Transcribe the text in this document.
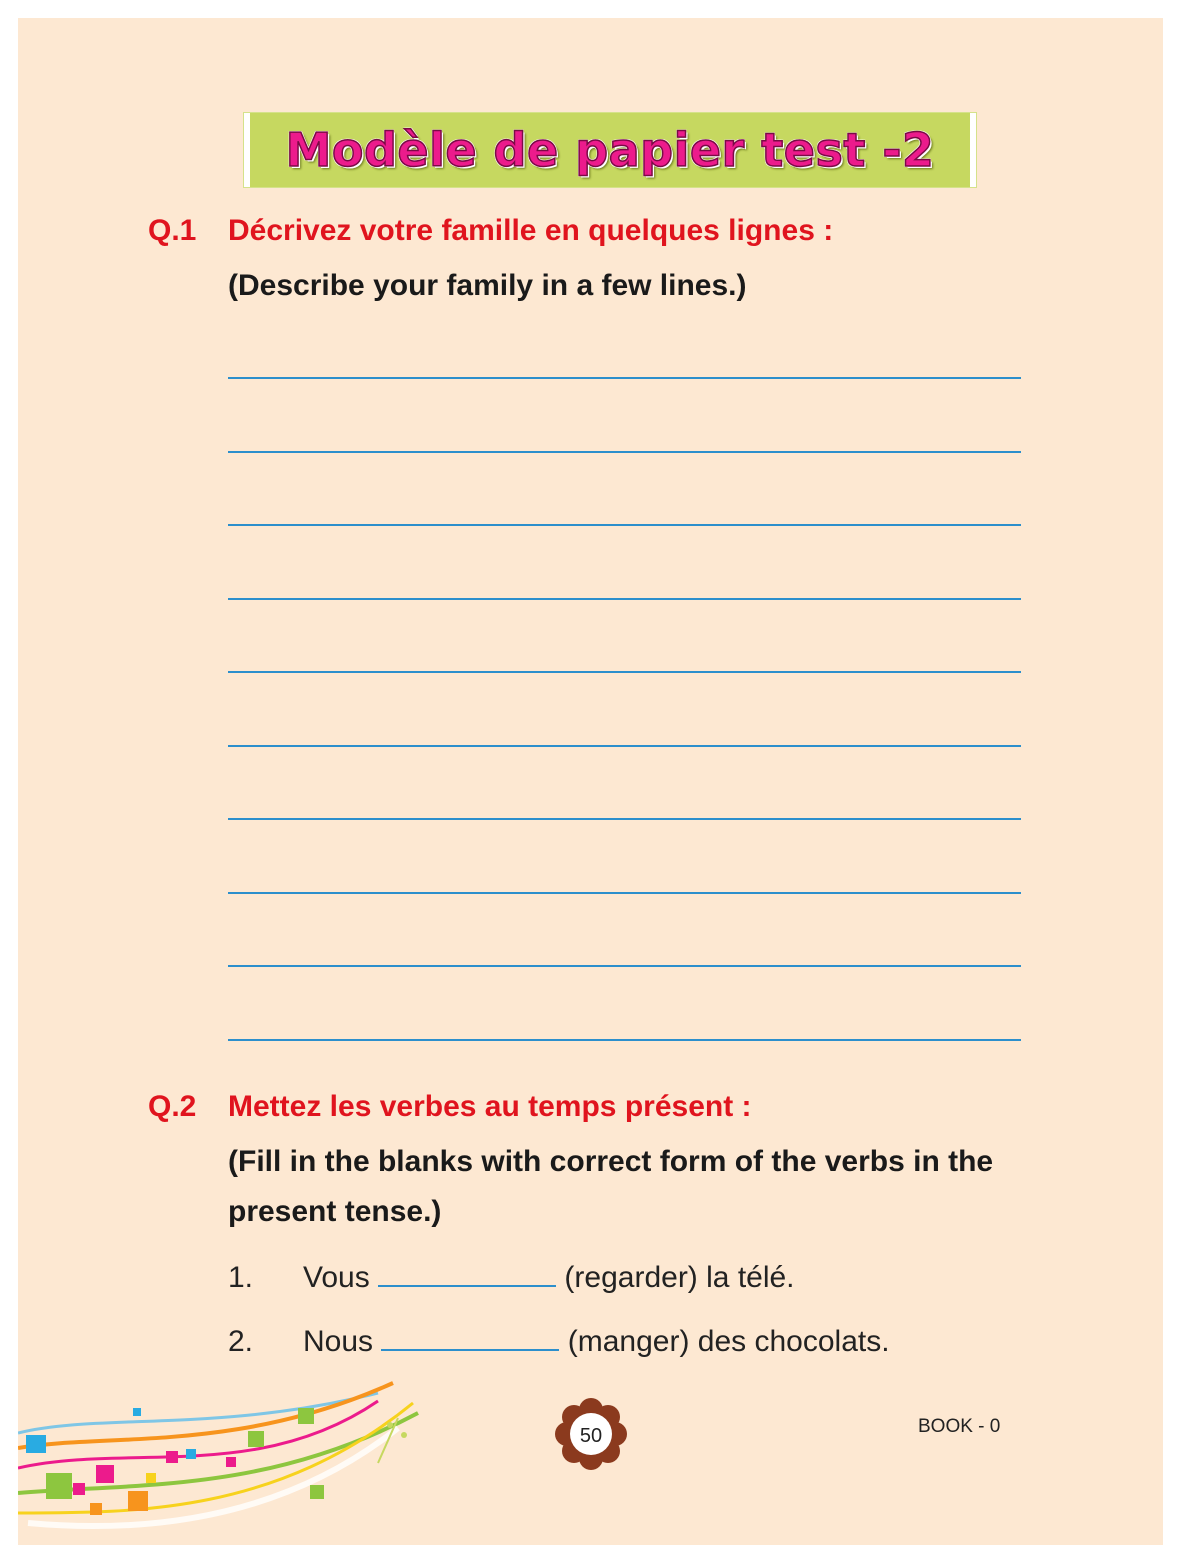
Modèle de papier test -2
Q.1 Décrivez votre famille en quelques lignes :
(Describe your family in a few lines.)
Q.2 Mettez les verbes au temps présent :
(Fill in the blanks with correct form of the verbs in the present tense.)
1. Vous	(regarder) la télé.
2. Nous	(manger) des chocolats.
50	BOOK - 0
